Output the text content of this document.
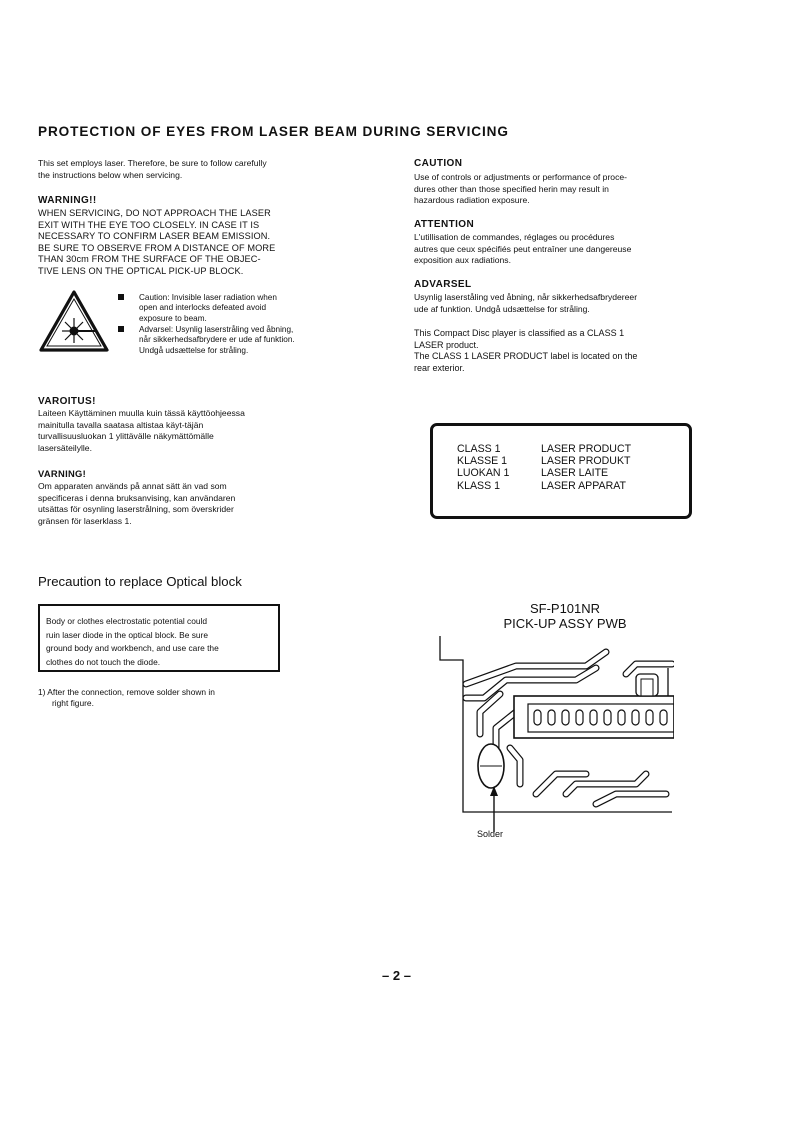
PROTECTION OF EYES FROM LASER BEAM DURING SERVICING
This set employs laser. Therefore, be sure to follow carefully
the instructions below when servicing.
WARNING!!
WHEN SERVICING, DO NOT APPROACH THE LASER
EXIT WITH THE EYE TOO CLOSELY. IN CASE IT IS
NECESSARY TO CONFIRM LASER BEAM EMISSION.
BE SURE TO OBSERVE FROM A DISTANCE OF MORE
THAN 30cm FROM THE SURFACE OF THE OBJEC-
TIVE LENS ON THE OPTICAL PICK-UP BLOCK.
Caution: Invisible laser radiation when
open and interlocks defeated avoid
exposure to beam.
Advarsel: Usynlig laserstråling ved åbning,
når sikkerhedsafbrydere er ude af funktion.
Undgå udsættelse for stråling.
VAROITUS!
Laiteen Käyttäminen muulla kuin tässä käyttöohjeessa
mainitulla tavalla saatasa altistaa käyt-täjän
turvallisuusluokan 1 ylittävälle näkymättömälle
lasersäteilylle.
VARNING!
Om apparaten används på annat sätt än vad som
specificeras i denna bruksanvising, kan användaren
utsättas för osynling laserstrålning, som överskrider
gränsen för laserklass 1.
CAUTION
Use of controls or adjustments or performance of proce-
dures other than those specified herin may result in
hazardous radiation exposure.
ATTENTION
L'utillisation de commandes, réglages ou procédures
autres que ceux spécifiés peut entraîner une dangereuse
exposition aux radiations.
ADVARSEL
Usynlig laserståling ved åbning, når sikkerhedsafbrydereer
ude af funktion. Undgå udsættelse for stråling.
This Compact Disc player is classified as a CLASS 1
LASER product.
The CLASS 1 LASER PRODUCT label is located on the
rear exterior.
CLASS 1	LASER PRODUCT
KLASSE 1	LASER PRODUKT
LUOKAN 1	LASER LAITE
KLASS 1	LASER APPARAT
Precaution to replace Optical block
Body or clothes electrostatic potential could
ruin laser diode in the optical block. Be sure
ground body and workbench, and use care the
clothes do not touch the diode.
1) After the connection, remove solder shown in
right figure.
SF-P101NR
PICK-UP ASSY PWB
Solder
– 2 –
